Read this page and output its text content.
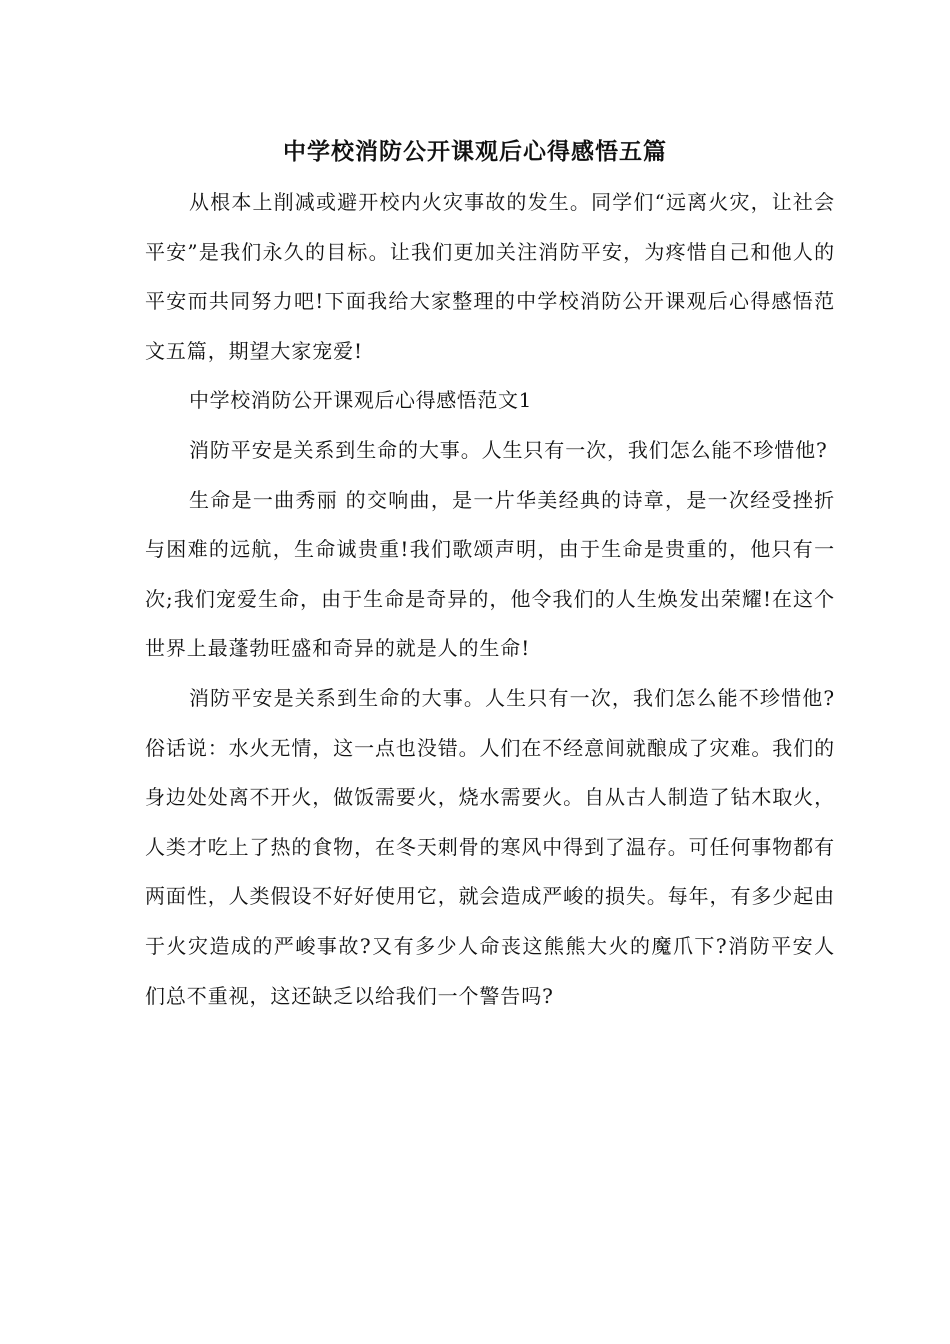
中学校消防公开课观后心得感悟五篇

从根本上削减或避开校内火灾事故的发生。同学们“远离火灾，让社会平安”是我们永久的目标。让我们更加关注消防平安，为疼惜自己和他人的平安而共同努力吧!下面我给大家整理的中学校消防公开课观后心得感悟范文五篇，期望大家宠爱!

中学校消防公开课观后心得感悟范文1

消防平安是关系到生命的大事。人生只有一次，我们怎么能不珍惜他?

生命是一曲秀丽 的交响曲，是一片华美经典的诗章，是一次经受挫折与困难的远航，生命诚贵重!我们歌颂声明，由于生命是贵重的，他只有一次;我们宠爱生命，由于生命是奇异的，他令我们的人生焕发出荣耀!在这个世界上最蓬勃旺盛和奇异的就是人的生命!

消防平安是关系到生命的大事。人生只有一次，我们怎么能不珍惜他?俗话说：水火无情，这一点也没错。人们在不经意间就酿成了灾难。我们的身边处处离不开火，做饭需要火，烧水需要火。自从古人制造了钻木取火，人类才吃上了热的食物，在冬天刺骨的寒风中得到了温存。可任何事物都有两面性，人类假设不好好使用它，就会造成严峻的损失。每年，有多少起由于火灾造成的严峻事故?又有多少人命丧这熊熊大火的魔爪下?消防平安人们总不重视，这还缺乏以给我们一个警告吗?
